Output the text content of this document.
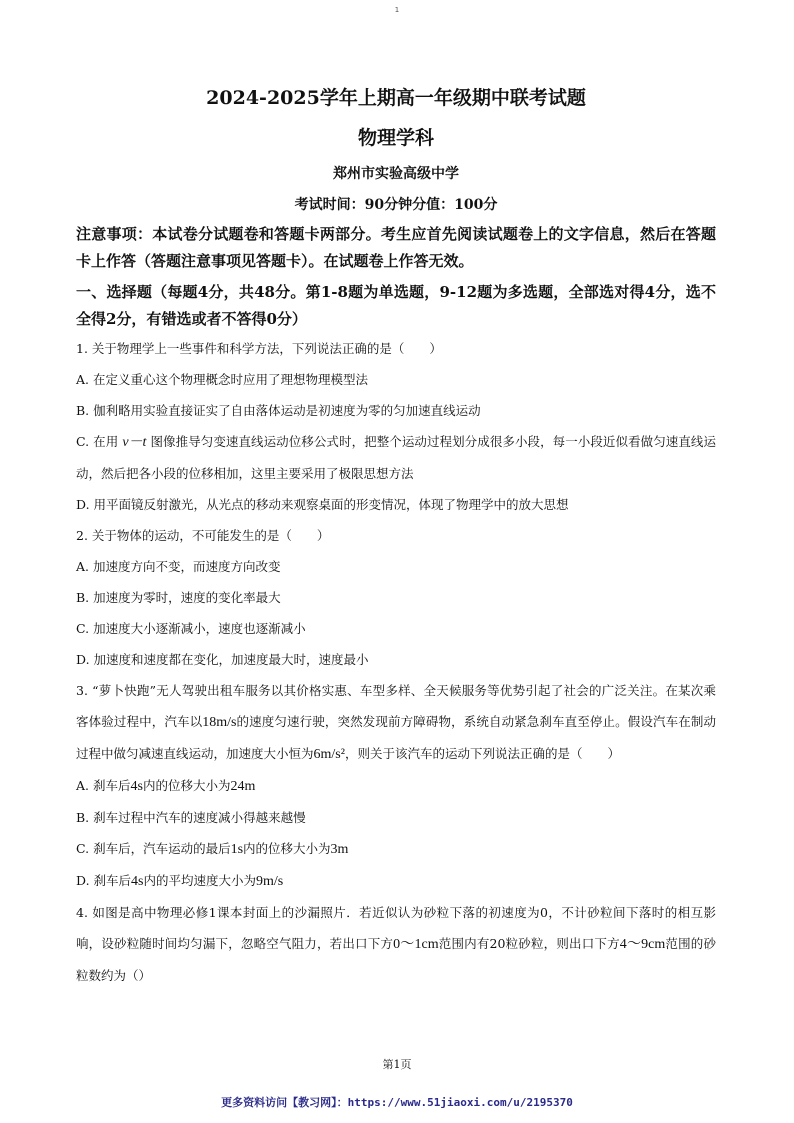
1
2024-2025学年上期高一年级期中联考试题
物理学科
郑州市实验高级中学
考试时间：90分钟分值：100分
注意事项：本试卷分试题卷和答题卡两部分。考生应首先阅读试题卷上的文字信息，然后在答题卡上作答（答题注意事项见答题卡）。在试题卷上作答无效。
一、选择题（每题4分，共48分。第1-8题为单选题，9-12题为多选题，全部选对得4分，选不全得2分，有错选或者不答得0分）
1. 关于物理学上一些事件和科学方法，下列说法正确的是（　　）
A. 在定义重心这个物理概念时应用了理想物理模型法
B. 伽利略用实验直接证实了自由落体运动是初速度为零的匀加速直线运动
C. 在用 v－t 图像推导匀变速直线运动位移公式时，把整个运动过程划分成很多小段，每一小段近似看做匀速直线运动，然后把各小段的位移相加，这里主要采用了极限思想方法
D. 用平面镜反射激光，从光点的移动来观察桌面的形变情况，体现了物理学中的放大思想
2. 关于物体的运动，不可能发生的是（　　）
A. 加速度方向不变，而速度方向改变
B. 加速度为零时，速度的变化率最大
C. 加速度大小逐渐减小，速度也逐渐减小
D. 加速度和速度都在变化，加速度最大时，速度最小
3. “萝卜快跑”无人驾驶出租车服务以其价格实惠、车型多样、全天候服务等优势引起了社会的广泛关注。在某次乘客体验过程中，汽车以18m/s的速度匀速行驶，突然发现前方障碍物，系统自动紧急刹车直至停止。假设汽车在制动过程中做匀减速直线运动，加速度大小恒为6m/s²，则关于该汽车的运动下列说法正确的是（　　）
A. 刹车后4s内的位移大小为24m
B. 刹车过程中汽车的速度减小得越来越慢
C. 刹车后，汽车运动的最后1s内的位移大小为3m
D. 刹车后4s内的平均速度大小为9m/s
4. 如图是高中物理必修1课本封面上的沙漏照片．若近似认为砂粒下落的初速度为0，不计砂粒间下落时的相互影响，设砂粒随时间均匀漏下，忽略空气阻力，若出口下方0～1cm范围内有20粒砂粒，则出口下方4～9cm范围的砂粒数约为（）
第1页
更多资料访问【教习网】：https://www.51jiaoxi.com/u/2195370
